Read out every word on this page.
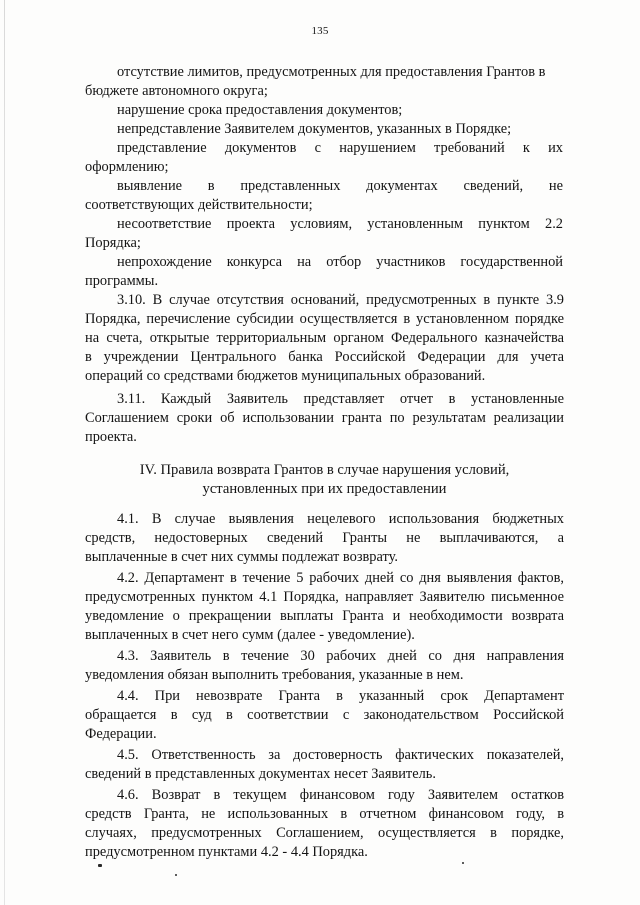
135
отсутствие лимитов, предусмотренных для предоставления Грантов в
бюджете автономного округа;
нарушение срока предоставления документов;
непредставление Заявителем документов, указанных в Порядке;
представление документов с нарушением требований к их
оформлению;
выявление в представленных документах сведений, не
соответствующих действительности;
несоответствие проекта условиям, установленным пунктом 2.2
Порядка;
непрохождение конкурса на отбор участников государственной
программы.
3.10. В случае отсутствия оснований, предусмотренных в пункте 3.9
Порядка, перечисление субсидии осуществляется в установленном порядке
на счета, открытые территориальным органом Федерального казначейства
в учреждении Центрального банка Российской Федерации для учета
операций со средствами бюджетов муниципальных образований.
3.11. Каждый Заявитель представляет отчет в установленные
Соглашением сроки об использовании гранта по результатам реализации
проекта.
IV. Правила возврата Грантов в случае нарушения условий,
установленных при их предоставлении
4.1. В случае выявления нецелевого использования бюджетных
средств, недостоверных сведений Гранты не выплачиваются, а
выплаченные в счет них суммы подлежат возврату.
4.2. Департамент в течение 5 рабочих дней со дня выявления фактов,
предусмотренных пунктом 4.1 Порядка, направляет Заявителю письменное
уведомление о прекращении выплаты Гранта и необходимости возврата
выплаченных в счет него сумм (далее - уведомление).
4.3. Заявитель в течение 30 рабочих дней со дня направления
уведомления обязан выполнить требования, указанные в нем.
4.4. При невозврате Гранта в указанный срок Департамент
обращается в суд в соответствии с законодательством Российской
Федерации.
4.5. Ответственность за достоверность фактических показателей,
сведений в представленных документах несет Заявитель.
4.6. Возврат в текущем финансовом году Заявителем остатков
средств Гранта, не использованных в отчетном финансовом году, в
случаях, предусмотренных Соглашением, осуществляется в порядке,
предусмотренном пунктами 4.2 - 4.4 Порядка.
